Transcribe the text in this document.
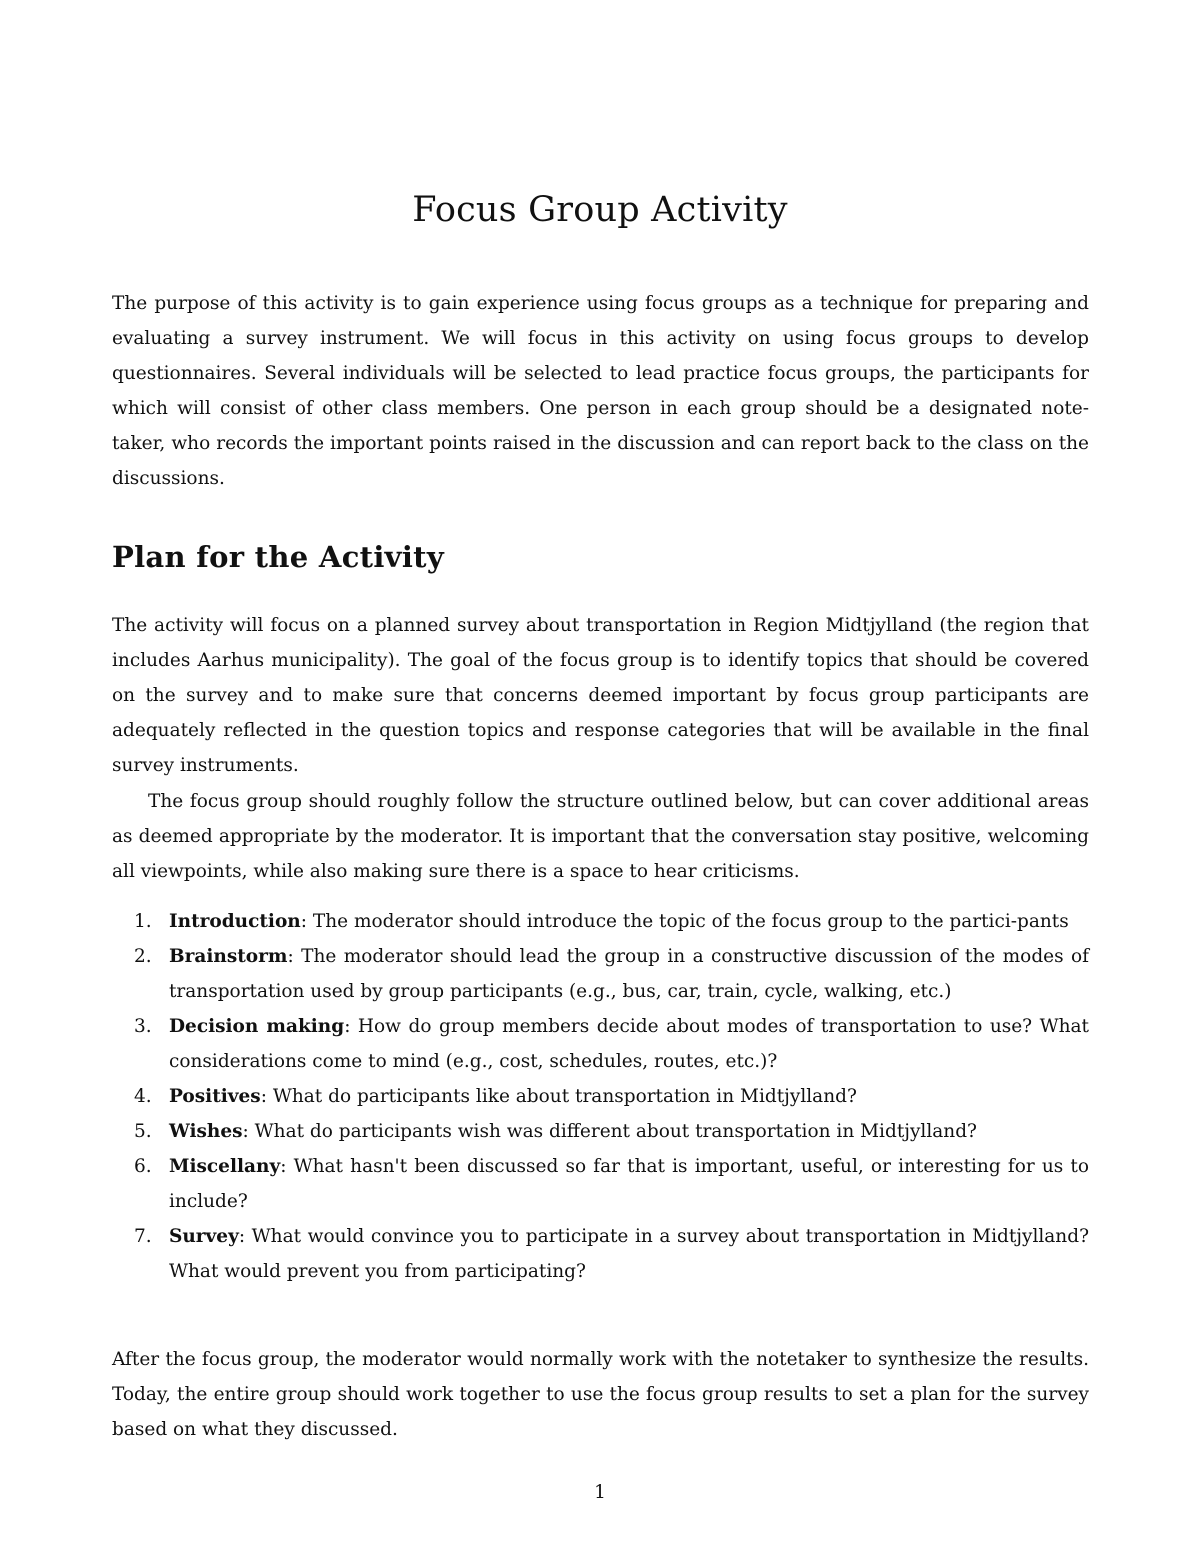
Focus Group Activity

The purpose of this activity is to gain experience using focus groups as a technique for preparing and evaluating a survey instrument. We will focus in this activity on using focus groups to develop questionnaires. Several individuals will be selected to lead practice focus groups, the participants for which will consist of other class members. One person in each group should be a designated note-taker, who records the important points raised in the discussion and can report back to the class on the discussions.

Plan for the Activity

The activity will focus on a planned survey about transportation in Region Midtjylland (the region that includes Aarhus municipality). The goal of the focus group is to identify topics that should be covered on the survey and to make sure that concerns deemed important by focus group participants are adequately reflected in the question topics and response categories that will be available in the final survey instruments.

The focus group should roughly follow the structure outlined below, but can cover additional areas as deemed appropriate by the moderator. It is important that the conversation stay positive, welcoming all viewpoints, while also making sure there is a space to hear criticisms.

1. Introduction: The moderator should introduce the topic of the focus group to the partici-pants
2. Brainstorm: The moderator should lead the group in a constructive discussion of the modes of transportation used by group participants (e.g., bus, car, train, cycle, walking, etc.)
3. Decision making: How do group members decide about modes of transportation to use? What considerations come to mind (e.g., cost, schedules, routes, etc.)?
4. Positives: What do participants like about transportation in Midtjylland?
5. Wishes: What do participants wish was different about transportation in Midtjylland?
6. Miscellany: What hasn't been discussed so far that is important, useful, or interesting for us to include?
7. Survey: What would convince you to participate in a survey about transportation in Midtjylland? What would prevent you from participating?

After the focus group, the moderator would normally work with the notetaker to synthesize the results. Today, the entire group should work together to use the focus group results to set a plan for the survey based on what they discussed.

1
